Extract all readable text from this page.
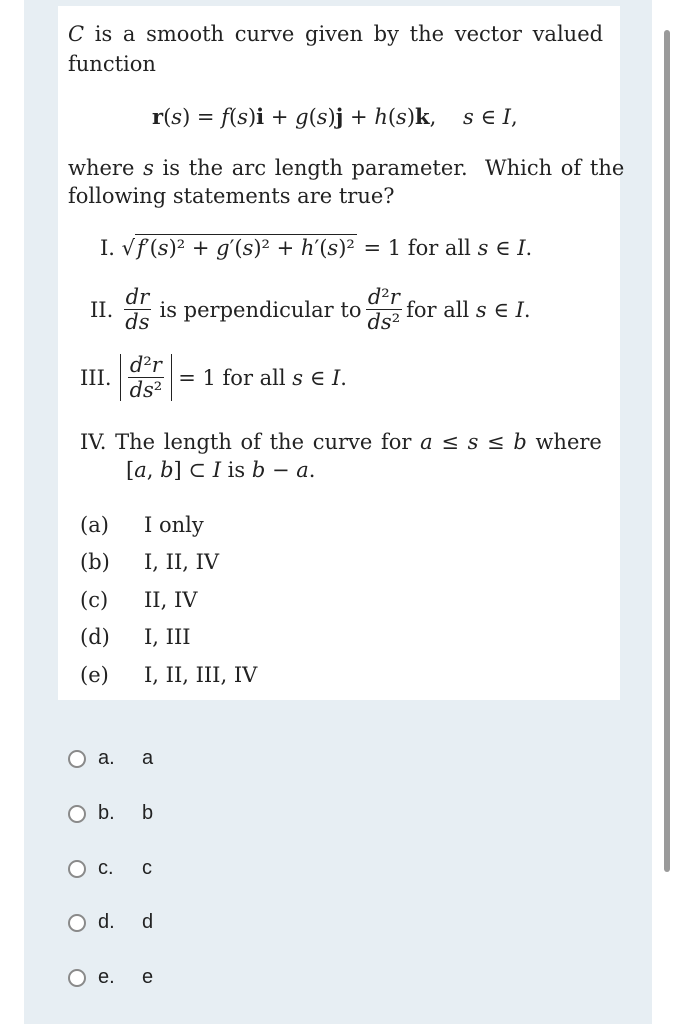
C is a smooth curve given by the vector valued
function
r(s) = f(s)i + g(s)j + h(s)k,    s ∈ I,
where s is the arc length parameter.  Which of the
following statements are true?
I. √f′(s)² + g′(s)² + h′(s)² = 1 for all s ∈ I.
II. $\frac{dr}{ds}$ is perpendicular to $\frac{\text{d²r}}{\text{ds²}}$ for all s ∈ I.
III. $\frac{\text{d²r}}{\text{ds²}} = 1$ for all s ∈ I.
IV. The length of the curve for a ≤ s ≤ b where
[a, b] ⊂ I is b − a.
(a) I only
(b) I, II, IV
(c) II, IV
(d) I, III
(e) I, II, III, IV
a.	a
b.	b
c.	c
d.	d
e.	e
